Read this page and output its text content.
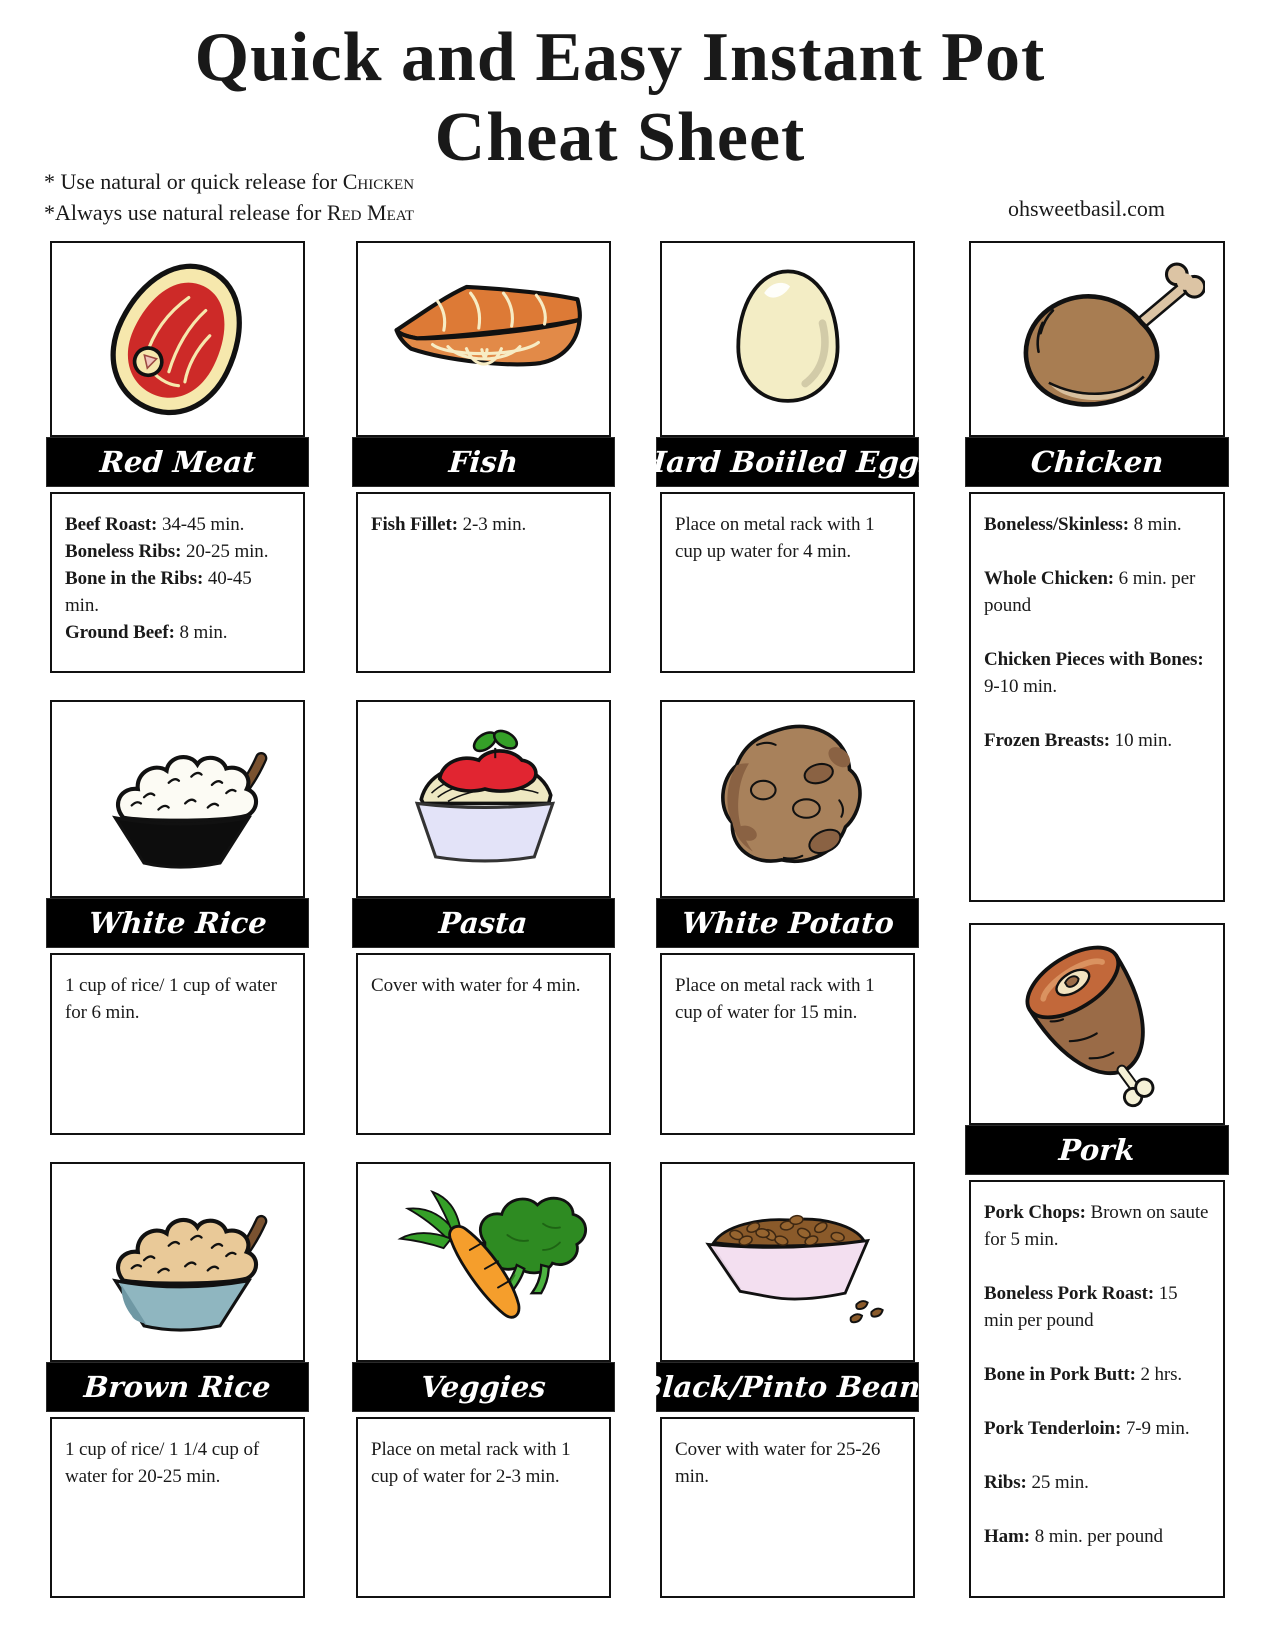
Quick and Easy Instant Pot
Cheat Sheet
* Use natural or quick release for Chicken
*Always use natural release for Red Meat	ohsweetbasil.com
Red Meat

Beef Roast: 34-45 min.

Boneless Ribs: 20-25 min.

Bone in the Ribs: 40-45 min.

Ground Beef: 8 min.

Fish

Fish Fillet: 2-3 min.

Hard Boiiled Eggs

Place on metal rack with 1 cup up water for 4 min.

Chicken

Boneless/Skinless: 8 min.

Whole Chicken: 6 min. per pound

Chicken Pieces with Bones: 9-10 min.

Frozen Breasts: 10 min.

White Rice

1 cup of rice/ 1 cup of water for 6 min.

Pasta

Cover with water for 4 min.

White Potato

Place on metal rack with 1 cup of water for 15 min.

Pork

Pork Chops: Brown on saute for 5 min.

Boneless Pork Roast: 15 min per pound

Bone in Pork Butt: 2 hrs.

Pork Tenderloin: 7-9 min.

Ribs: 25 min.

Ham: 8 min. per pound

Brown Rice

1 cup of rice/ 1 1/4 cup of water for 20-25 min.

Veggies

Place on metal rack with 1 cup of water for 2-3 min.

Black/Pinto Beans

Cover with water for 25-26 min.
